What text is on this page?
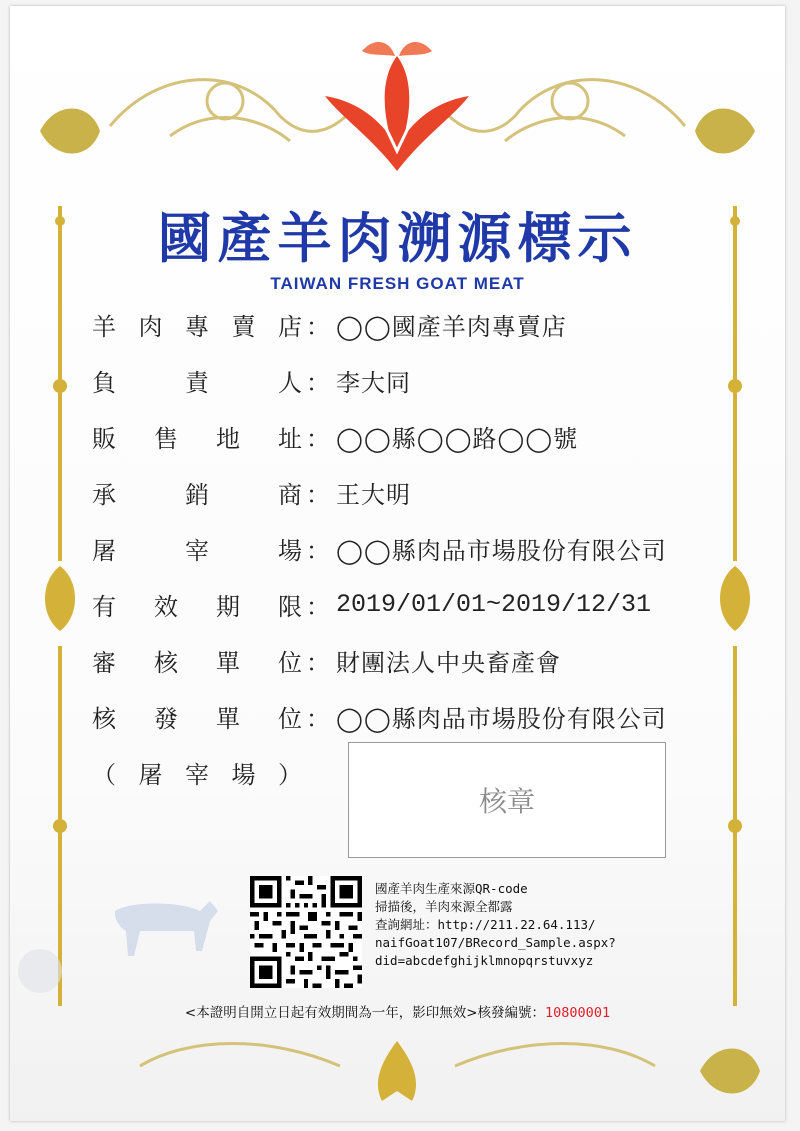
國產羊肉溯源標示
TAIWAN FRESH GOAT MEAT
羊 肉 專 賣 店 ： ◯◯國產羊肉專賣店
負	責	人 ： 李大同
販 售 地 址 ： ◯◯縣◯◯路◯◯號
承	銷	商 ： 王大明
屠	宰	場 ： ◯◯縣肉品市場股份有限公司
有 效 期 限 ： 2019/01/01~2019/12/31
審 核 單 位 ： 財團法人中央畜產會
核 發 單 位 ： ◯◯縣肉品市場股份有限公司
（ 屠 宰 場 ）
核章
國產羊肉生產來源QR-code
掃描後，羊肉來源全都露
查詢網址：http://211.22.64.113/
naifGoat107/BRecord_Sample.aspx?
did=abcdefghijklmnopqrstuvxyz
<本證明自開立日起有效期間為一年，影印無效>核發編號：10800001
